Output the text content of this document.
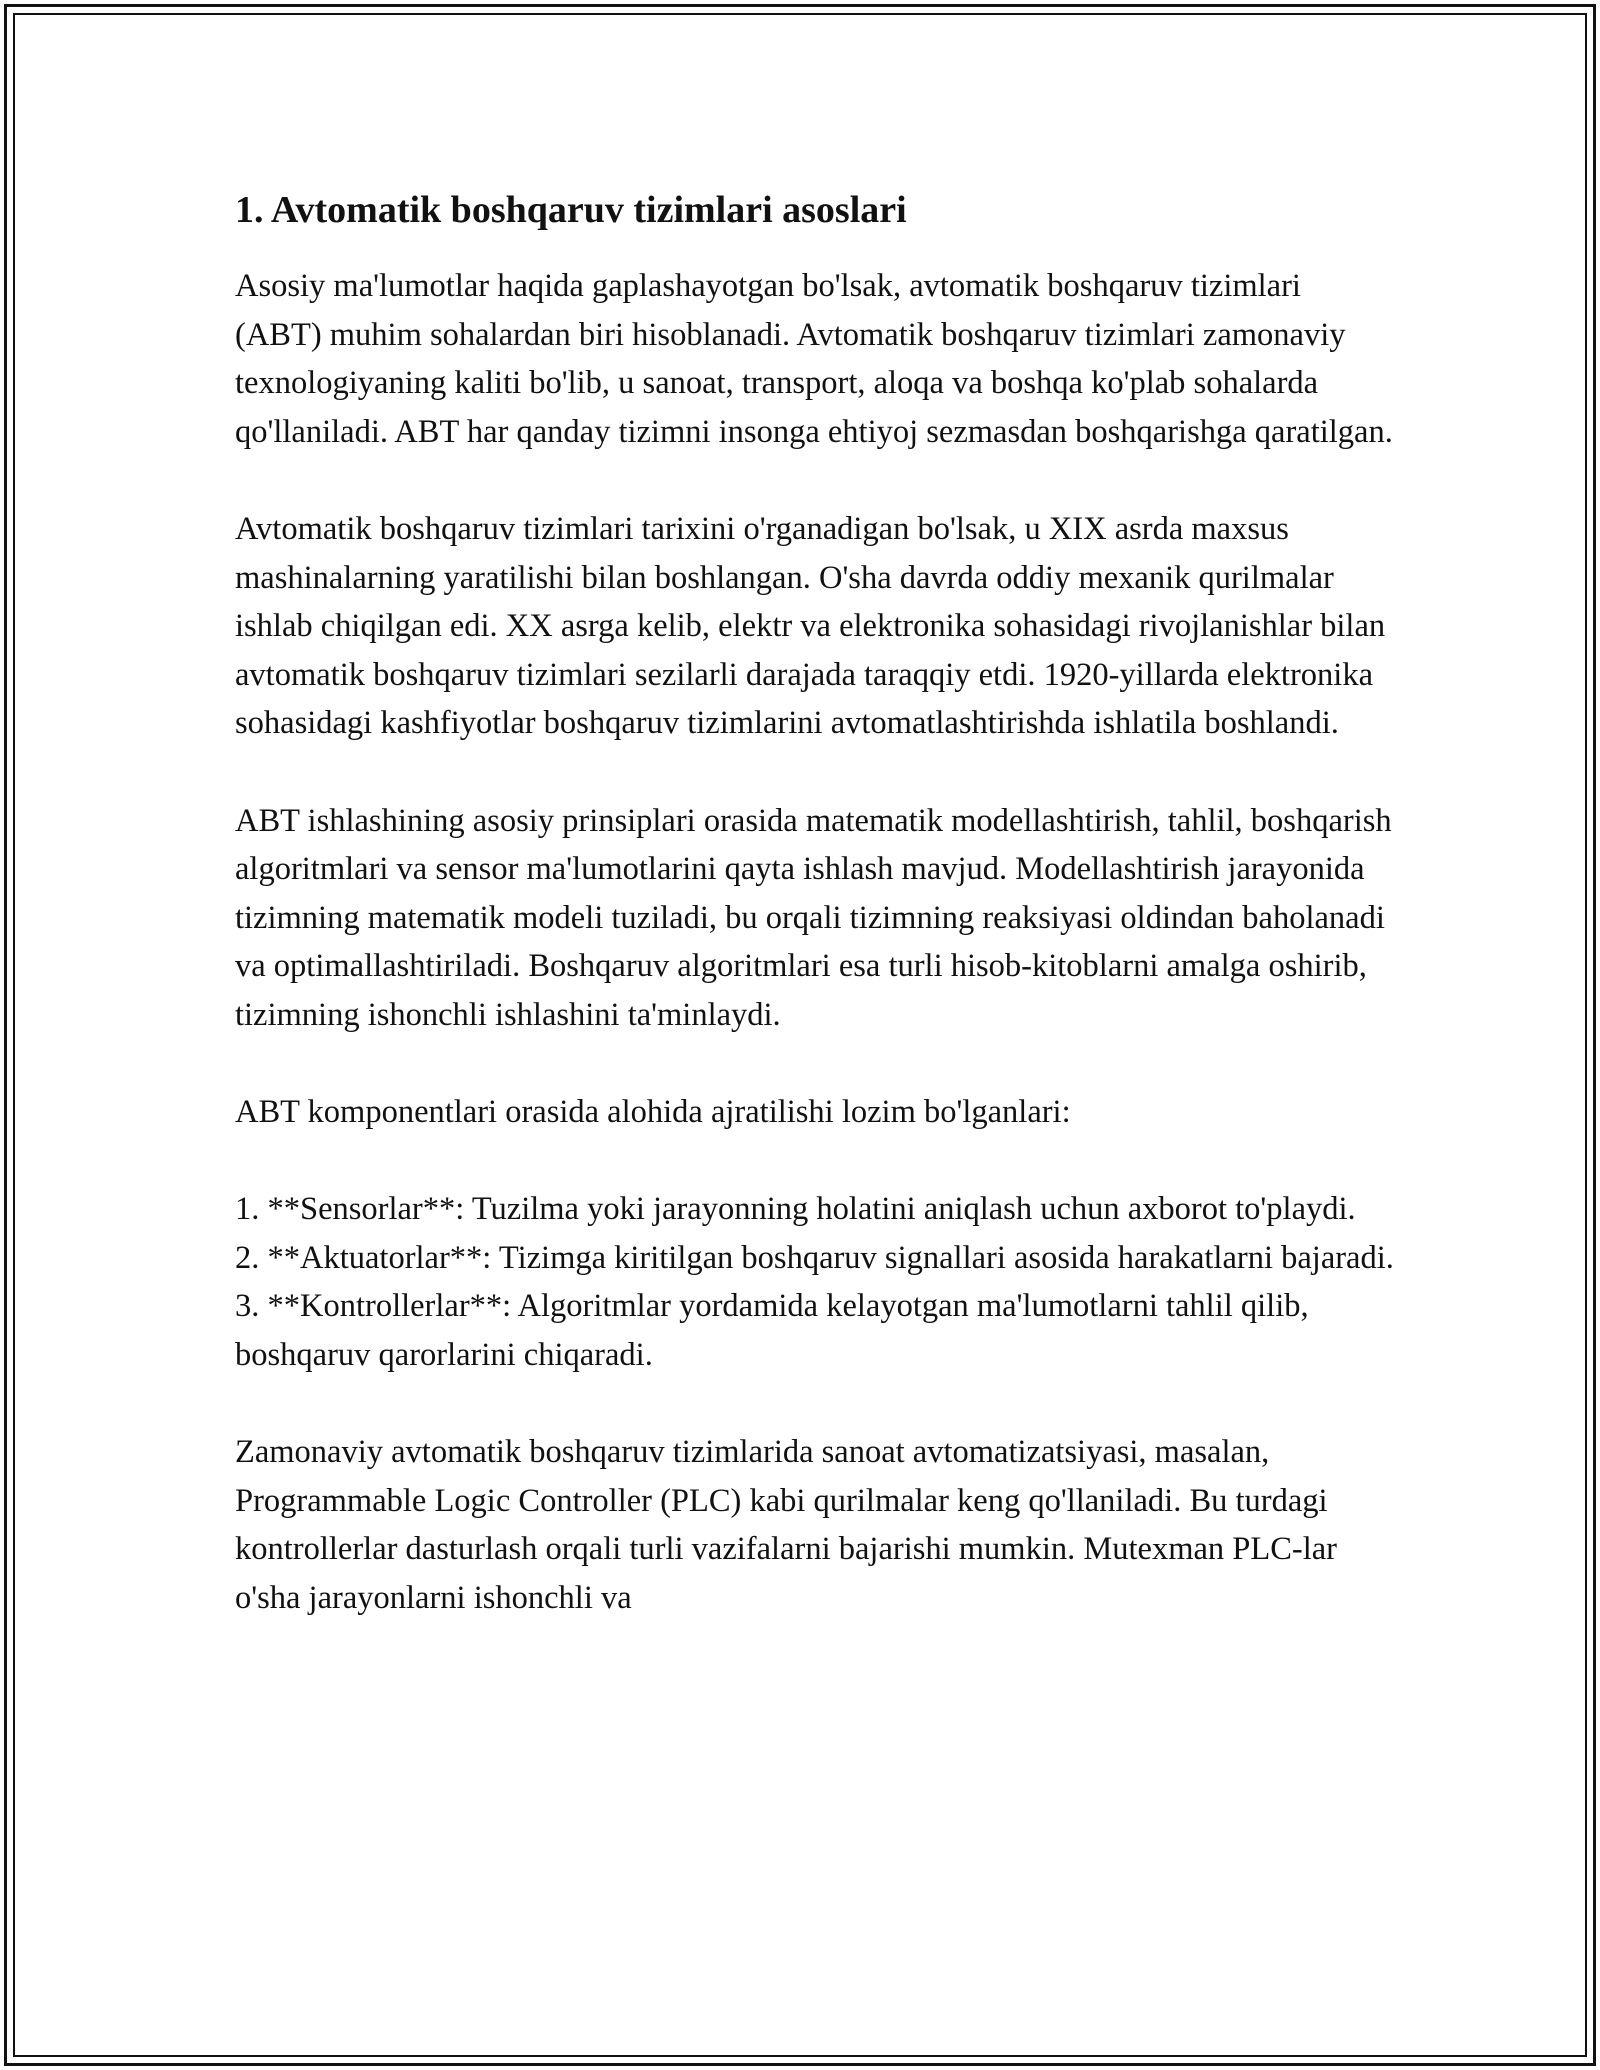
1. Avtomatik boshqaruv tizimlari asoslari

Asosiy ma'lumotlar haqida gaplashayotgan bo'lsak, avtomatik boshqaruv tizimlari (ABT) muhim sohalardan biri hisoblanadi. Avtomatik boshqaruv tizimlari zamonaviy texnologiyaning kaliti bo'lib, u sanoat, transport, aloqa va boshqa ko'plab sohalarda qo'llaniladi. ABT har qanday tizimni insonga ehtiyoj sezmasdan boshqarishga qaratilgan.

Avtomatik boshqaruv tizimlari tarixini o'rganadigan bo'lsak, u XIX asrda maxsus mashinalarning yaratilishi bilan boshlangan. O'sha davrda oddiy mexanik qurilmalar ishlab chiqilgan edi. XX asrga kelib, elektr va elektronika sohasidagi rivojlanishlar bilan avtomatik boshqaruv tizimlari sezilarli darajada taraqqiy etdi. 1920-yillarda elektronika sohasidagi kashfiyotlar boshqaruv tizimlarini avtomatlashtirishda ishlatila boshlandi.

ABT ishlashining asosiy prinsiplari orasida matematik modellashtirish, tahlil, boshqarish algoritmlari va sensor ma'lumotlarini qayta ishlash mavjud. Modellashtirish jarayonida tizimning matematik modeli tuziladi, bu orqali tizimning reaksiyasi oldindan baholanadi va optimallashtiriladi. Boshqaruv algoritmlari esa turli hisob-kitoblarni amalga oshirib, tizimning ishonchli ishlashini ta'minlaydi.

ABT komponentlari orasida alohida ajratilishi lozim bo'lganlari:

1. **Sensorlar**: Tuzilma yoki jarayonning holatini aniqlash uchun axborot to'playdi.

2. **Aktuatorlar**: Tizimga kiritilgan boshqaruv signallari asosida harakatlarni bajaradi.

3. **Kontrollerlar**: Algoritmlar yordamida kelayotgan ma'lumotlarni tahlil qilib, boshqaruv qarorlarini chiqaradi.

Zamonaviy avtomatik boshqaruv tizimlarida sanoat avtomatizatsiyasi, masalan, Programmable Logic Controller (PLC) kabi qurilmalar keng qo'llaniladi. Bu turdagi kontrollerlar dasturlash orqali turli vazifalarni bajarishi mumkin. Mutexman PLC-lar o'sha jarayonlarni ishonchli va
